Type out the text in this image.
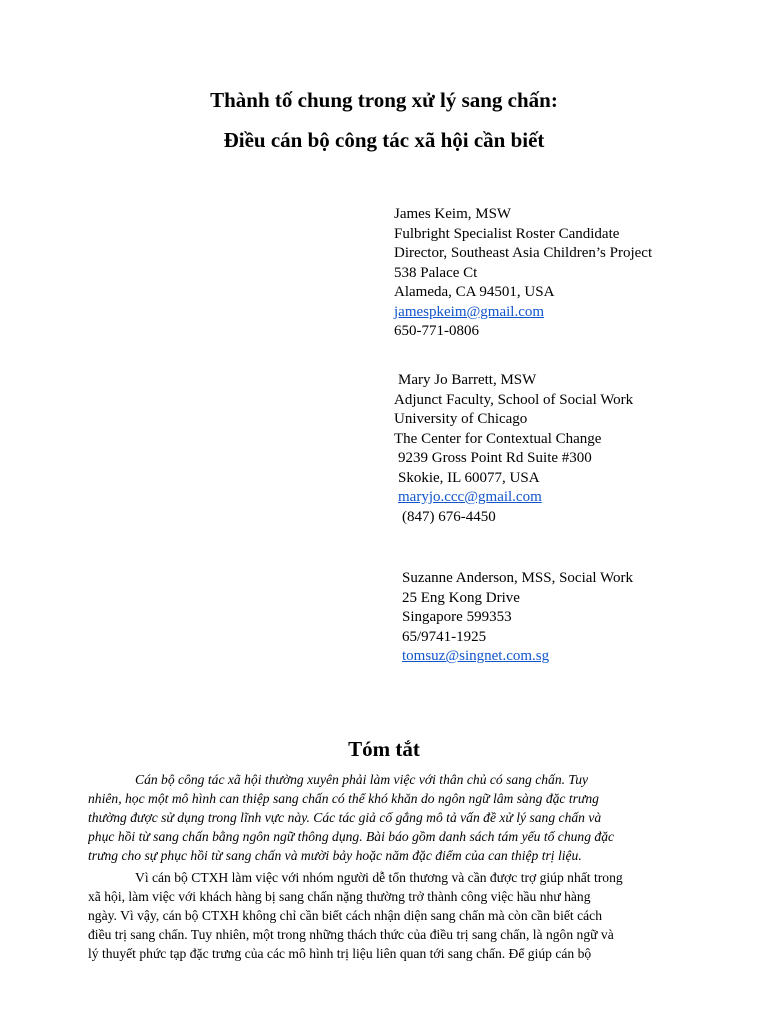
Thành tố chung trong xử lý sang chấn:
Điều cán bộ công tác xã hội cần biết
James Keim, MSW
Fulbright Specialist Roster Candidate
Director, Southeast Asia Children’s Project
538 Palace Ct
Alameda, CA 94501, USA
jamespkeim@gmail.com
650-771-0806
Mary Jo Barrett, MSW
Adjunct Faculty, School of Social Work
University of Chicago
The Center for Contextual Change
9239 Gross Point Rd Suite #300
Skokie, IL 60077, USA
maryjo.ccc@gmail.com
(847) 676-4450
Suzanne Anderson, MSS, Social Work
25 Eng Kong Drive
Singapore 599353
65/9741-1925
tomsuz@singnet.com.sg
Tóm tắt
Cán bộ công tác xã hội thường xuyên phải làm việc với thân chủ có sang chấn. Tuy
nhiên, học một mô hình can thiệp sang chấn có thể khó khăn do ngôn ngữ lâm sàng đặc trưng
thường được sử dụng trong lĩnh vực này. Các tác giả cố gắng mô tả vấn đề xử lý sang chấn và
phục hồi từ sang chấn bằng ngôn ngữ thông dụng. Bài báo gồm danh sách tám yếu tố chung đặc
trưng cho sự phục hồi từ sang chấn và mười bảy hoặc năm đặc điểm của can thiệp trị liệu.
Vì cán bộ CTXH làm việc với nhóm người dễ tổn thương và cần được trợ giúp nhất trong
xã hội, làm việc với khách hàng bị sang chấn nặng thường trở thành công việc hầu như hàng
ngày. Vì vậy, cán bộ CTXH không chỉ cần biết cách nhận diện sang chấn mà còn cần biết cách
điều trị sang chấn. Tuy nhiên, một trong những thách thức của điều trị sang chấn, là ngôn ngữ và
lý thuyết phức tạp đặc trưng của các mô hình trị liệu liên quan tới sang chấn. Để giúp cán bộ
